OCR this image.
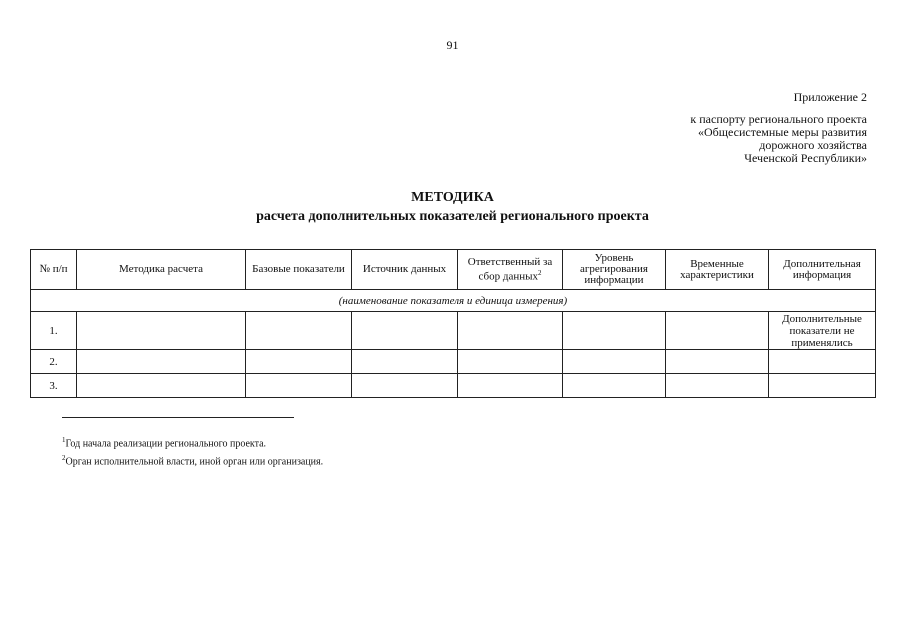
91
Приложение 2
к паспорту регионального проекта
«Общесистемные меры развития
дорожного хозяйства
Чеченской Республики»
МЕТОДИКА
расчета дополнительных показателей регионального проекта
№ п/п	Методика расчета	Базовые показатели	Источник данных	Ответственный за сбор данных$^2$	Уровень агрегирования информации	Временные характеристики	Дополнительная информация
(наименование показателя и единица измерения)							
1.							Дополнительные показатели не применялись
2.							
3.							
$^1$Год начала реализации регионального проекта.
$^2$Орган исполнительной власти, иной орган или организация.
